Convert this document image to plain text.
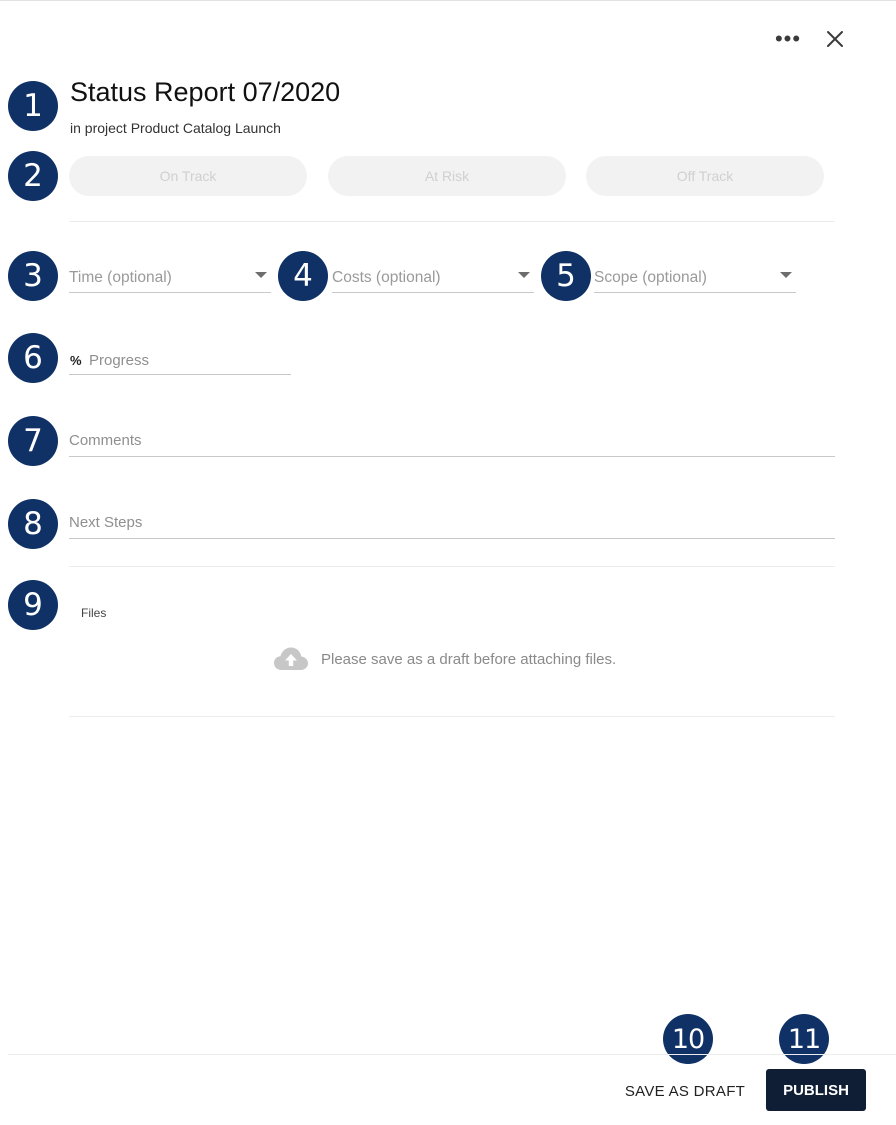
•••
1
2
3	4	5
6
7
8
9
10	11
Status Report 07/2020
in project Product Catalog Launch
On Track	At Risk	Off Track
Time (optional)	Costs (optional)	Scope (optional)
% Progress
Comments
Next Steps
Files
Please save as a draft before attaching files.
SAVE AS DRAFT	PUBLISH
